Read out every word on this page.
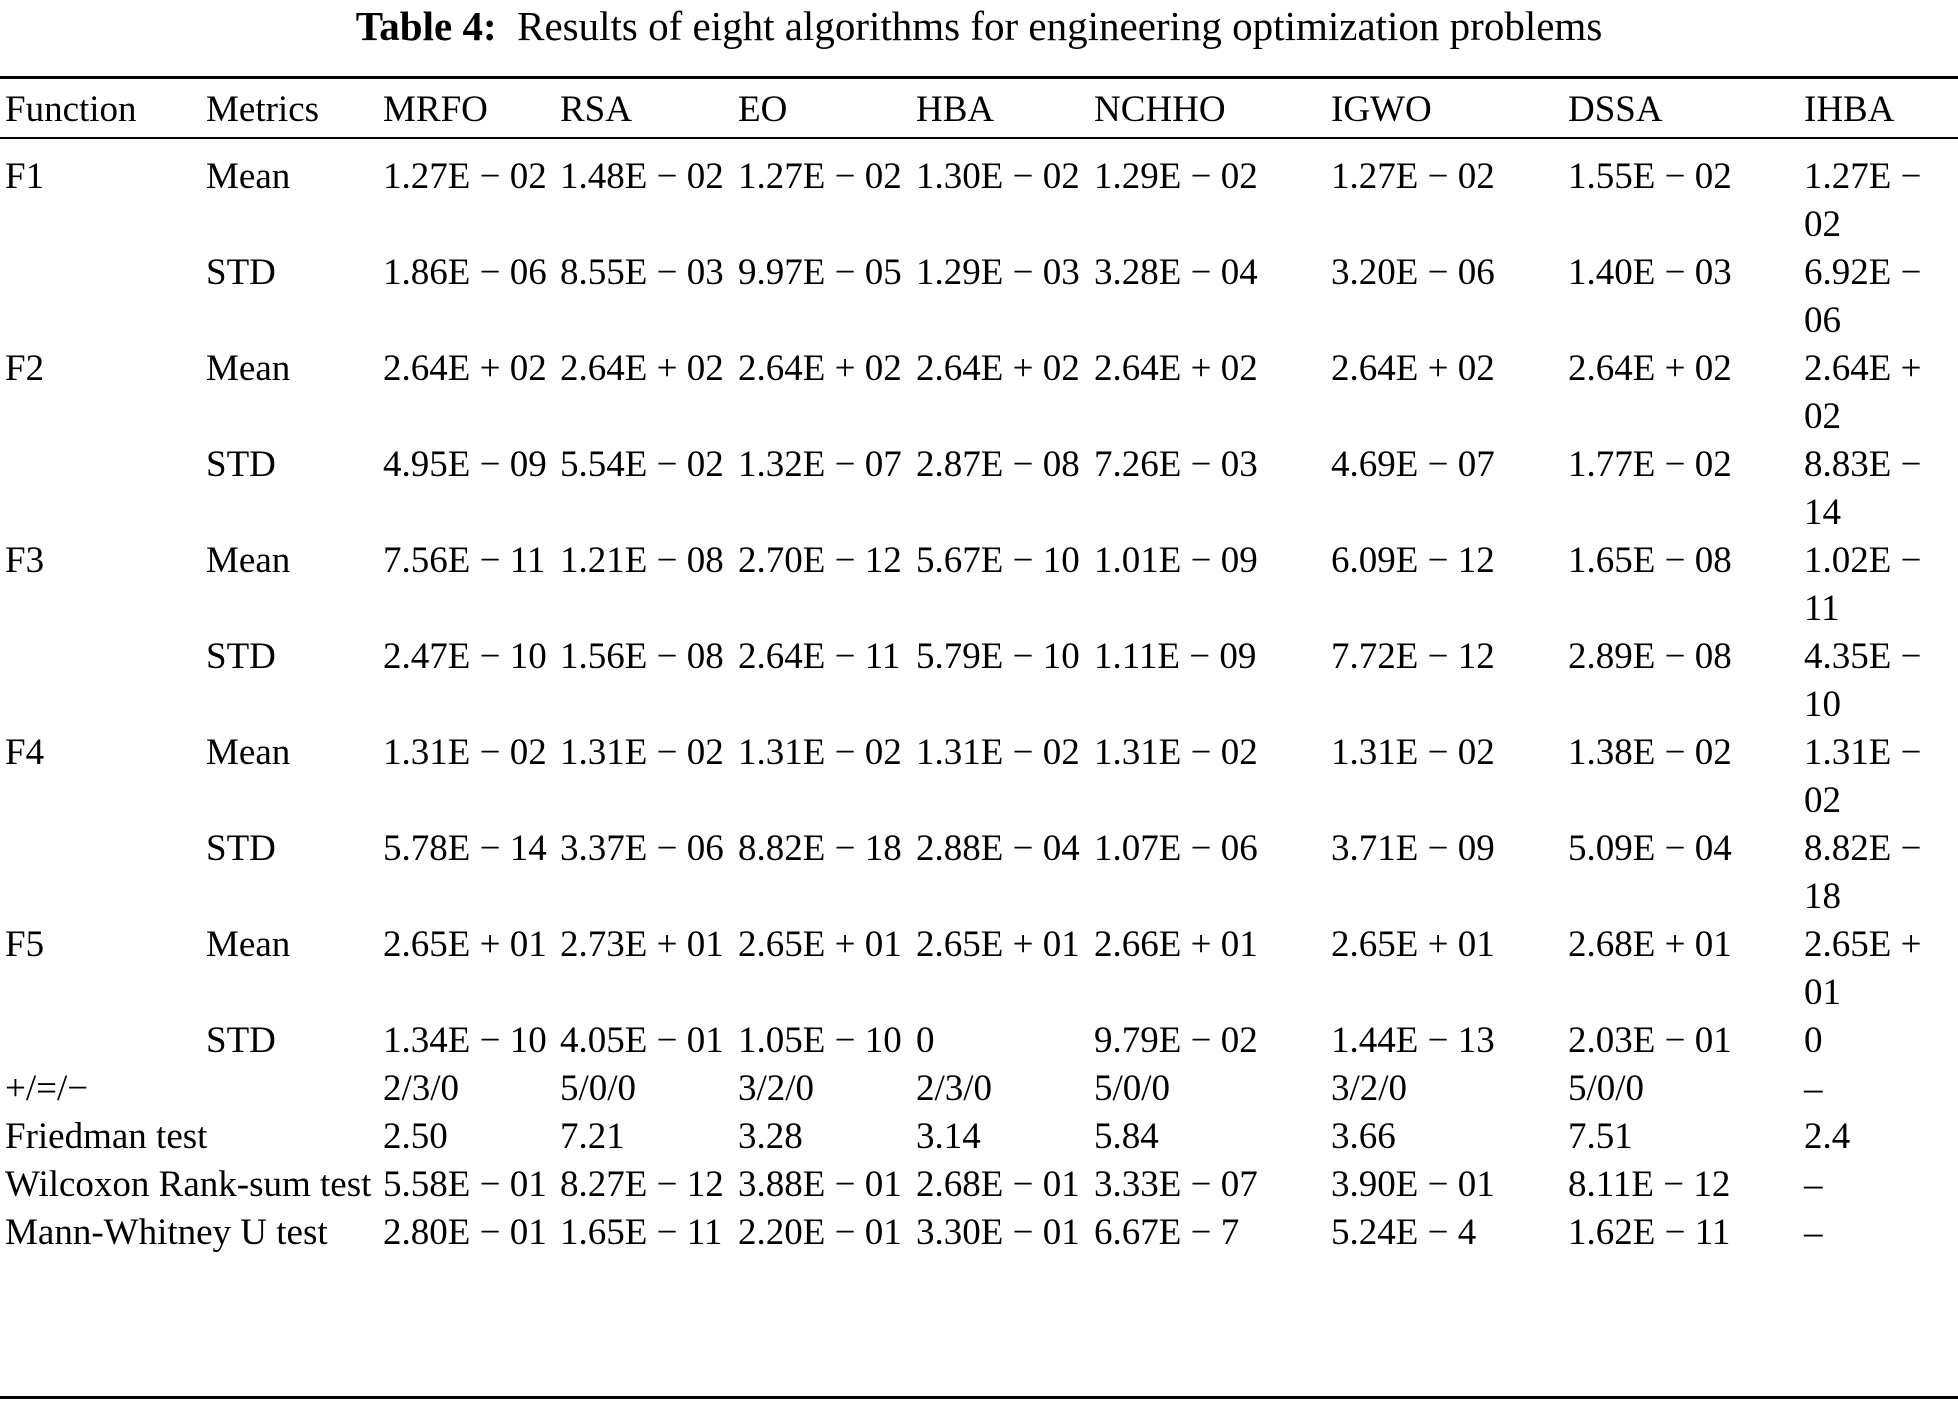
Table 4: Results of eight algorithms for engineering optimization problems
Function	Metrics	MRFO	RSA	EO	HBA	NCHHO	IGWO	DSSA	IHBA
F1	Mean	1.27E − 02	1.48E − 02	1.27E − 02	1.30E − 02	1.29E − 02	1.27E − 02	1.55E − 02	1.27E − 02
	STD	1.86E − 06	8.55E − 03	9.97E − 05	1.29E − 03	3.28E − 04	3.20E − 06	1.40E − 03	6.92E − 06
F2	Mean	2.64E + 02	2.64E + 02	2.64E + 02	2.64E + 02	2.64E + 02	2.64E + 02	2.64E + 02	2.64E + 02
	STD	4.95E − 09	5.54E − 02	1.32E − 07	2.87E − 08	7.26E − 03	4.69E − 07	1.77E − 02	8.83E − 14
F3	Mean	7.56E − 11	1.21E − 08	2.70E − 12	5.67E − 10	1.01E − 09	6.09E − 12	1.65E − 08	1.02E − 11
	STD	2.47E − 10	1.56E − 08	2.64E − 11	5.79E − 10	1.11E − 09	7.72E − 12	2.89E − 08	4.35E − 10
F4	Mean	1.31E − 02	1.31E − 02	1.31E − 02	1.31E − 02	1.31E − 02	1.31E − 02	1.38E − 02	1.31E − 02
	STD	5.78E − 14	3.37E − 06	8.82E − 18	2.88E − 04	1.07E − 06	3.71E − 09	5.09E − 04	8.82E − 18
F5	Mean	2.65E + 01	2.73E + 01	2.65E + 01	2.65E + 01	2.66E + 01	2.65E + 01	2.68E + 01	2.65E + 01
	STD	1.34E − 10	4.05E − 01	1.05E − 10	0	9.79E − 02	1.44E − 13	2.03E − 01	0
+/=/−		2/3/0	5/0/0	3/2/0	2/3/0	5/0/0	3/2/0	5/0/0	–
Friedman test		2.50	7.21	3.28	3.14	5.84	3.66	7.51	2.4
Wilcoxon Rank-sum test		5.58E − 01	8.27E − 12	3.88E − 01	2.68E − 01	3.33E − 07	3.90E − 01	8.11E − 12	–
Mann-Whitney U test		2.80E − 01	1.65E − 11	2.20E − 01	3.30E − 01	6.67E − 7	5.24E − 4	1.62E − 11	–
